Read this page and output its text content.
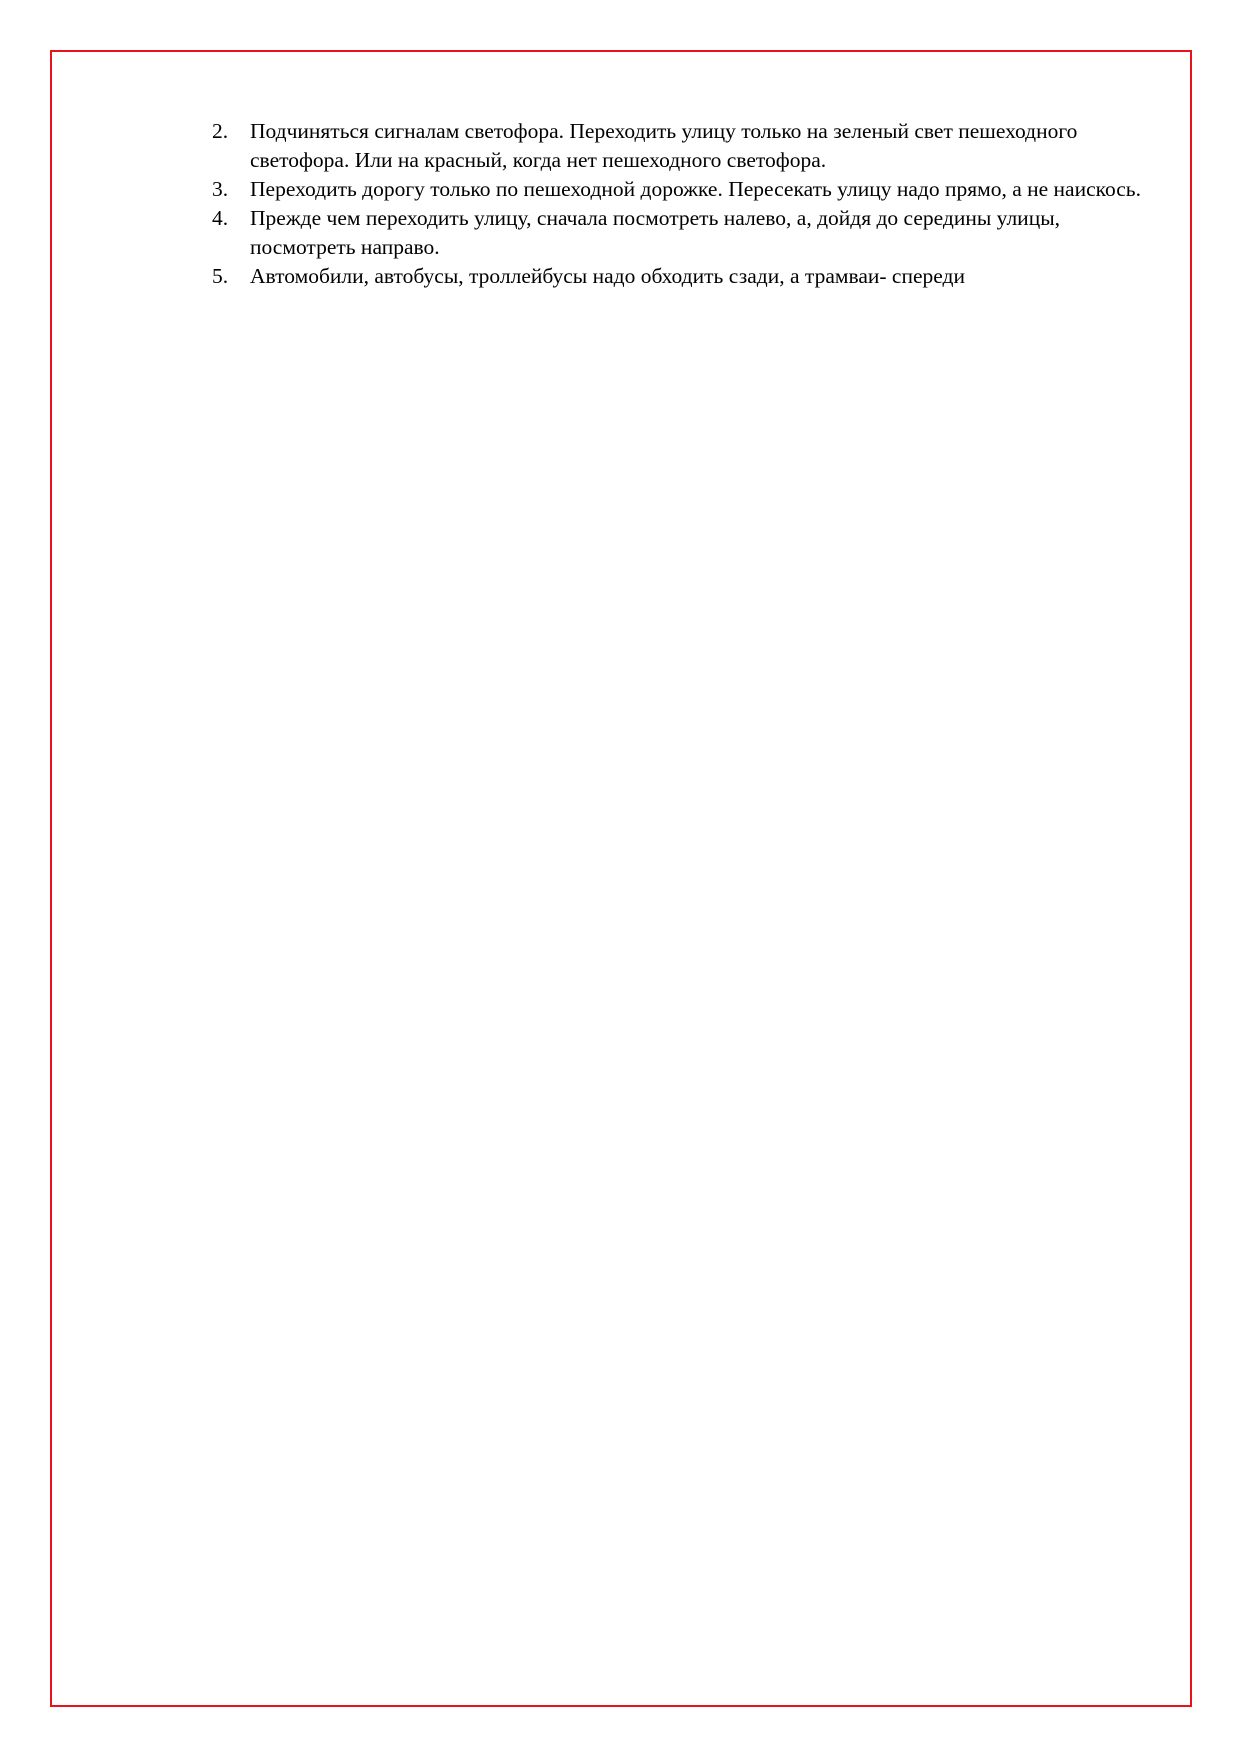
2.	Подчиняться сигналам светофора. Переходить улицу только на зеленый свет пешеходного светофора. Или на красный, когда нет пешеходного светофора.
3.	Переходить дорогу только по пешеходной дорожке. Пересекать улицу надо прямо, а не наискось.
4.	Прежде чем переходить улицу, сначала посмотреть налево, а, дойдя до середины улицы, посмотреть направо.
5.	Автомобили, автобусы, троллейбусы надо обходить сзади, а трамваи- спереди
